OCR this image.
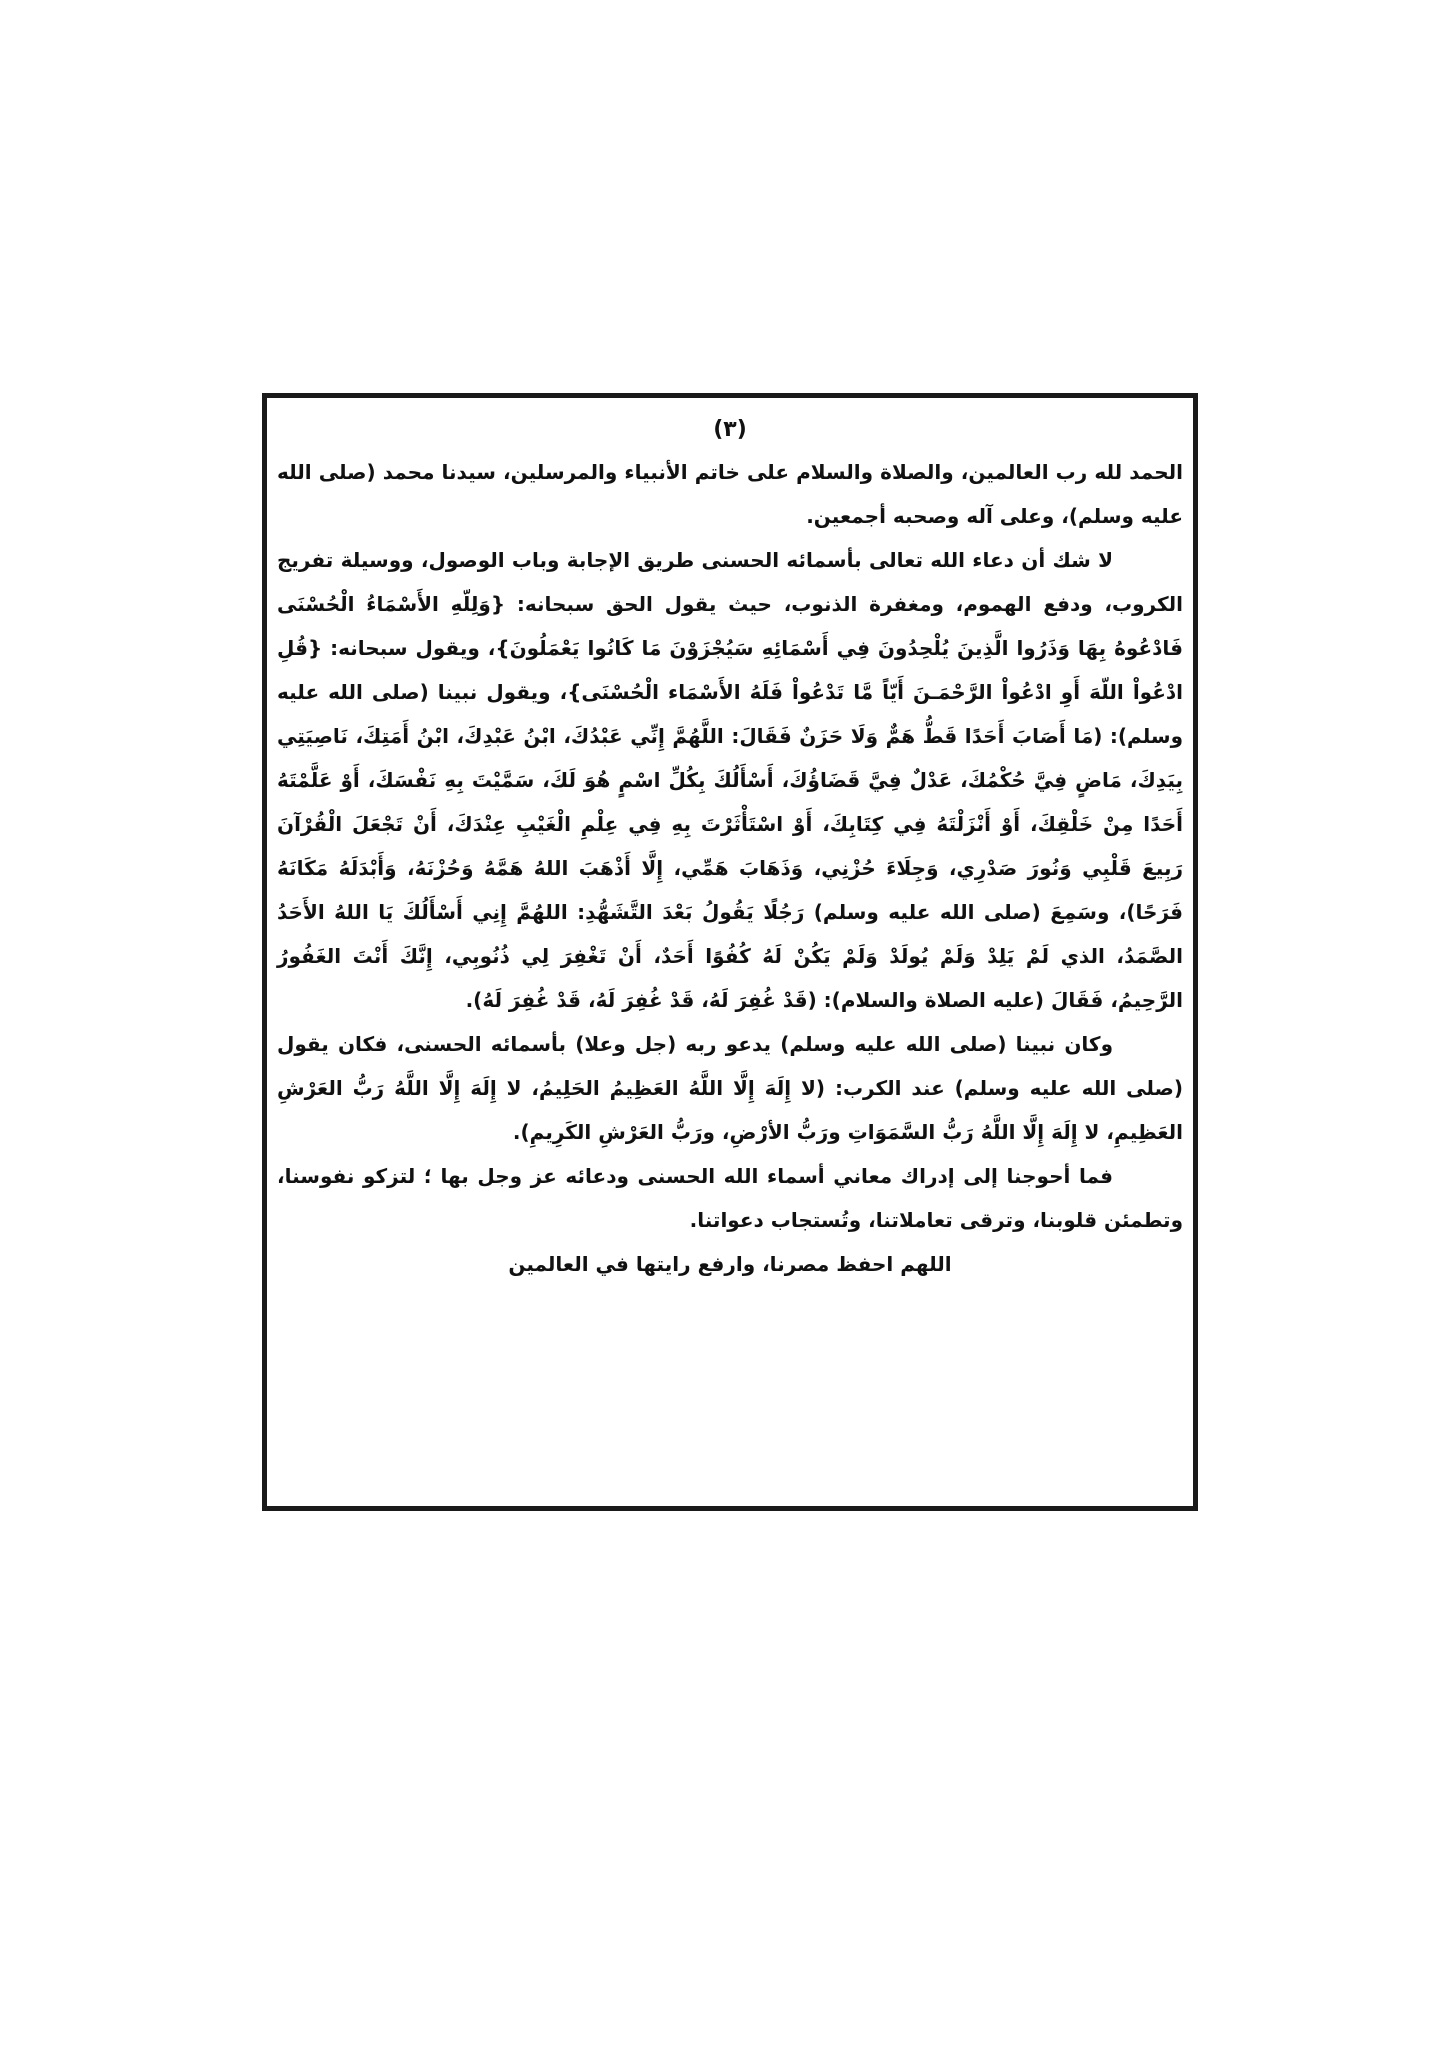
(٣)

الحمد لله رب العالمين، والصلاة والسلام على خاتم الأنبياء والمرسلين، سيدنا محمد (صلى الله عليه وسلم)، وعلى آله وصحبه أجمعين.

لا شك أن دعاء الله تعالى بأسمائه الحسنى طريق الإجابة وباب الوصول، ووسيلة تفريج الكروب، ودفع الهموم، ومغفرة الذنوب، حيث يقول الحق سبحانه: {وَلِلّهِ الأَسْمَاءُ الْحُسْنَى فَادْعُوهُ بِهَا وَذَرُوا الَّذِينَ يُلْحِدُونَ فِي أَسْمَائِهِ سَيُجْزَوْنَ مَا كَانُوا يَعْمَلُونَ}، ويقول سبحانه: {قُلِ ادْعُواْ اللّهَ أَوِ ادْعُواْ الرَّحْمَـنَ أَيّاً مَّا تَدْعُواْ فَلَهُ الأَسْمَاء الْحُسْنَى}، ويقول نبينا (صلى الله عليه وسلم): (مَا أَصَابَ أَحَدًا قَطُّ هَمٌّ وَلَا حَزَنٌ فَقَالَ: اللَّهُمَّ إِنِّي عَبْدُكَ، ابْنُ عَبْدِكَ، ابْنُ أَمَتِكَ، نَاصِيَتِي بِيَدِكَ، مَاضٍ فِيَّ حُكْمُكَ، عَدْلٌ فِيَّ قَضَاؤُكَ، أَسْأَلُكَ بِكُلِّ اسْمٍ هُوَ لَكَ، سَمَّيْتَ بِهِ نَفْسَكَ، أَوْ عَلَّمْتَهُ أَحَدًا مِنْ خَلْقِكَ، أَوْ أَنْزَلْتَهُ فِي كِتَابِكَ، أَوْ اسْتَأْثَرْتَ بِهِ فِي عِلْمِ الْغَيْبِ عِنْدَكَ، أَنْ تَجْعَلَ الْقُرْآنَ رَبِيعَ قَلْبِي وَنُورَ صَدْرِي، وَجِلَاءَ حُزْنِي، وَذَهَابَ هَمِّي، إِلَّا أَذْهَبَ اللهُ هَمَّهُ وَحُزْنَهُ، وَأَبْدَلَهُ مَكَانَهُ فَرَحًا)، وسَمِعَ (صلى الله عليه وسلم) رَجُلًا يَقُولُ بَعْدَ التَّشَهُّدِ: اللهُمَّ إِنِي أَسْأَلُكَ يَا اللهُ الأَحَدُ الصَّمَدُ، الذي لَمْ يَلِدْ وَلَمْ يُولَدْ وَلَمْ يَكُنْ لَهُ كُفُوًا أَحَدٌ، أَنْ تَغْفِرَ لِي ذُنُوبِي، إِنَّكَ أَنْتَ الغَفُورُ الرَّحِيمُ، فَقَالَ (عليه الصلاة والسلام): (قَدْ غُفِرَ لَهُ، قَدْ غُفِرَ لَهُ، قَدْ غُفِرَ لَهُ).

وكان نبينا (صلى الله عليه وسلم) يدعو ربه (جل وعلا) بأسمائه الحسنى، فكان يقول (صلى الله عليه وسلم) عند الكرب: (لا إِلَهَ إِلَّا اللَّهُ العَظِيمُ الحَلِيمُ، لا إِلَهَ إِلَّا اللَّهُ رَبُّ العَرْشِ العَظِيمِ، لا إِلَهَ إِلَّا اللَّهُ رَبُّ السَّمَوَاتِ ورَبُّ الأرْضِ، ورَبُّ العَرْشِ الكَرِيمِ).

فما أحوجنا إلى إدراك معاني أسماء الله الحسنى ودعائه عز وجل بها ؛ لتزكو نفوسنا، وتطمئن قلوبنا، وترقى تعاملاتنا، وتُستجاب دعواتنا.

اللهم احفظ مصرنا، وارفع رايتها في العالمين
